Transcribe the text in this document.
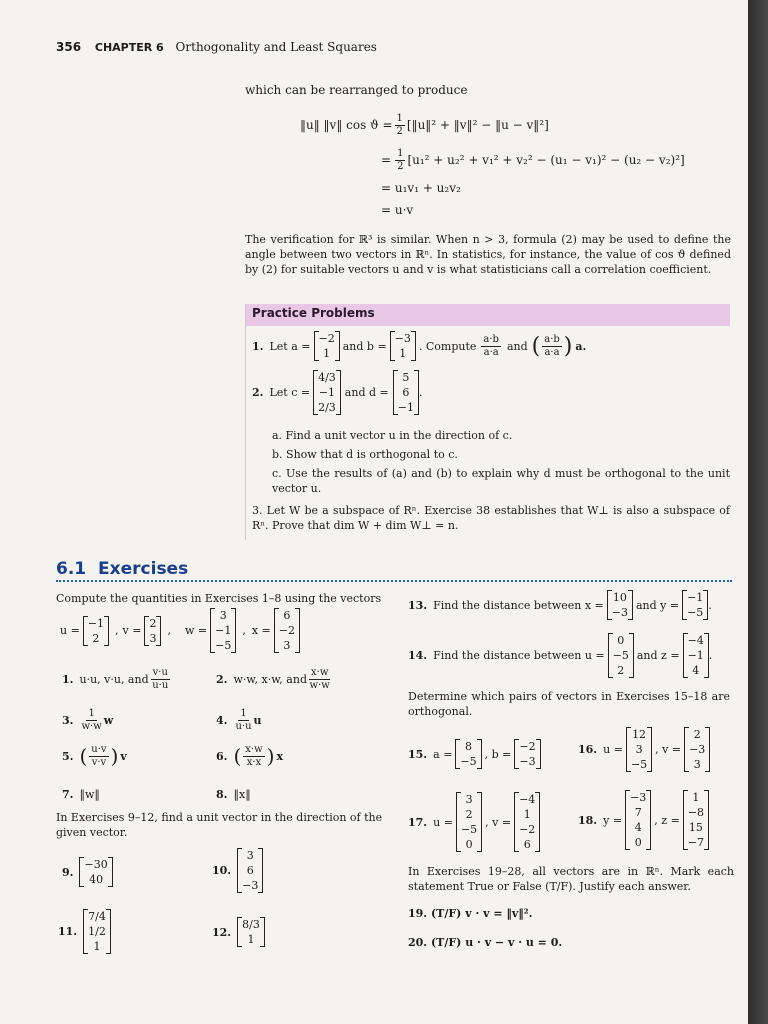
356 CHAPTER 6 Orthogonality and Least Squares
which can be rearranged to produce
‖u‖ ‖v‖ $\cos ϑ = \frac{1}{2}$ [‖u‖² + ‖v‖² − ‖u − v‖²]
= $\frac{1}{2} [u_1^2 + u_2^2 + v_1^2 + v_2^2 - (u_1 - v_1)^2 - (u_2 - v_2)^2]$
= u₁v₁ + u₂v₂
= u·v
The verification for ℝ³ is similar. When n > 3, formula (2) may be used to define the angle between two vectors in ℝⁿ. In statistics, for instance, the value of cos ϑ defined by (2) for suitable vectors u and v is what statisticians call a correlation coefficient.
Practice Problems
1. Let a =
−2
1
and b =
−3
1
. Compute $\frac{a\cdot b}{a\cdot a}$ and ( $\frac{a\cdot b}{a\cdot a}$ ) a.
2. Let c =
4/3
−1
2/3
and d =
5
6
−1
.
a. Find a unit vector u in the direction of c.
b. Show that d is orthogonal to c.
c. Use the results of (a) and (b) to explain why d must be orthogonal to the unit vector u.
3. Let W be a subspace of Rⁿ. Exercise 38 establishes that W⊥ is also a subspace of Rⁿ. Prove that dim W + dim W⊥ = n.
6.1 Exercises
Compute the quantities in Exercises 1–8 using the vectors
u =
−1
2
, v =
2
3
, w =
3
−1
−5
, x =
6
−2
3
1. u·u, v·u, and $\frac{v\cdot u}{u\cdot u}$	2. w·w, x·w, and $\frac{x\cdot w}{w\cdot w}$
3. $\frac{1}{w\cdot w}$ w	4. $\frac{1}{u\cdot u}$ u
5. ( $\frac{u\cdot v}{v\cdot v}$ ) v	6. ( $\frac{x\cdot w}{x\cdot x}$ ) x
7. ‖w‖	8. ‖x‖
In Exercises 9–12, find a unit vector in the direction of the given vector.
9.
−30
40
10.
3
6
−3
11.
7/4
1/2
1
12.
8/3
1
13. Find the distance between x =
10
−3
and y =
−1
−5
.
14. Find the distance between u =
0
−5
2
and z =
−4
−1
4
.
Determine which pairs of vectors in Exercises 15–18 are orthogonal.
15. a =
8
−5
, b =
−2
−3
16. u =
12
3
−5
, v =
2
−3
3
17. u =
3
2
−5
0
, v =
−4
1
−2
6
18. y =
−3
7
4
0
, z =
1
−8
15
−7
In Exercises 19–28, all vectors are in ℝⁿ. Mark each statement True or False (T/F). Justify each answer.
19. (T/F) v · v = ‖v‖².
20. (T/F) u · v − v · u = 0.
